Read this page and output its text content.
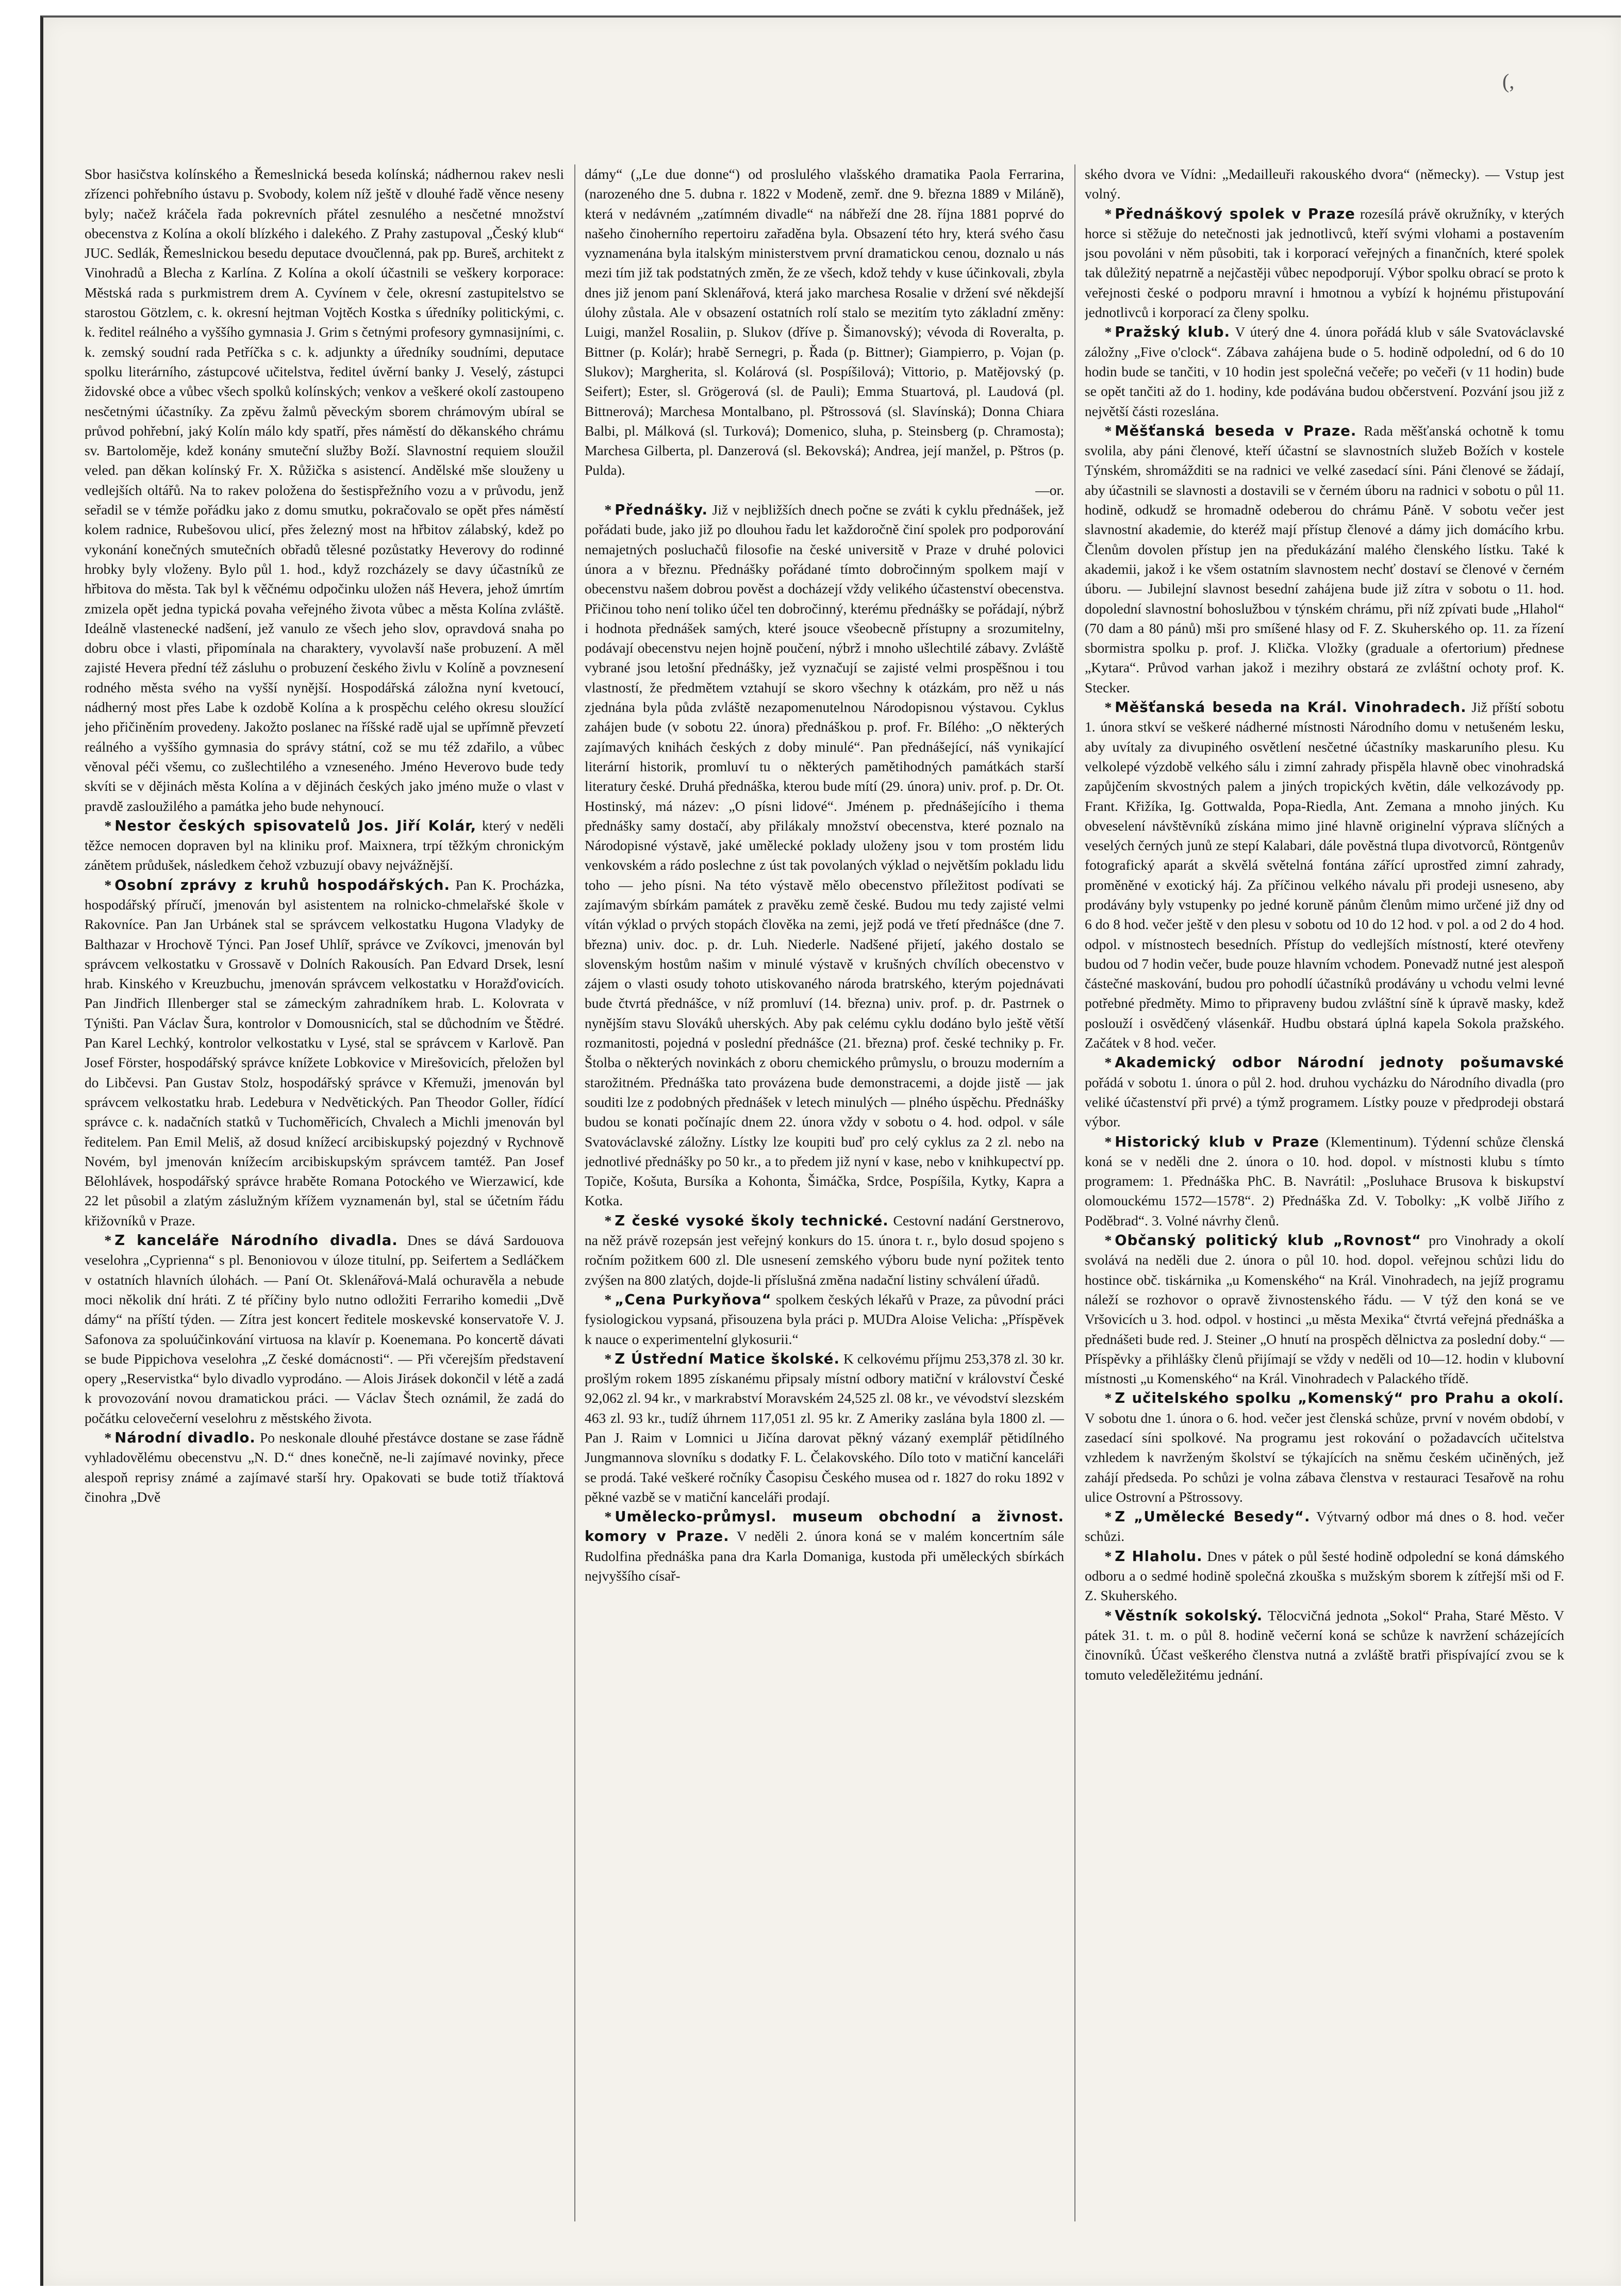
(,

Sbor hasičstva kolínského a Řemeslnická beseda kolínská; nádhernou rakev nesli zřízenci pohřebního ústavu p. Svobody, kolem níž ještě v dlouhé řadě věnce neseny byly; načež kráčela řada pokrevních přátel zesnulého a nesčetné množství obecenstva z Kolína a okolí blízkého i dalekého. Z Prahy zastupoval „Český klub“ JUC. Sedlák, Řemeslnickou besedu deputace dvoučlenná, pak pp. Bureš, architekt z Vinohradů a Blecha z Karlína. Z Kolína a okolí účastnili se veškery korporace: Městská rada s purkmistrem drem A. Cyvínem v čele, okresní zastupitelstvo se starostou Götzlem, c. k. okresní hejtman Vojtěch Kostka s úředníky politickými, c. k. ředitel reálného a vyššího gymnasia J. Grim s četnými profesory gymnasijními, c. k. zemský soudní rada Petříčka s c. k. adjunkty a úředníky soudními, deputace spolku literárního, zástupcové učitelstva, ředitel úvěrní banky J. Veselý, zástupci židovské obce a vůbec všech spolků kolínských; venkov a veškeré okolí zastoupeno nesčetnými účastníky. Za zpěvu žalmů pěveckým sborem chrámovým ubíral se průvod pohřební, jaký Kolín málo kdy spatří, přes náměstí do děkanského chrámu sv. Bartoloměje, kdež konány smuteční služby Boží. Slavnostní requiem sloužil veled. pan děkan kolínský Fr. X. Růžička s asistencí. Andělské mše slouženy u vedlejších oltářů. Na to rakev položena do šestispřežního vozu a v průvodu, jenž seřadil se v témže pořádku jako z domu smutku, pokračovalo se opět přes náměstí kolem radnice, Rubešovou ulicí, přes železný most na hřbitov zálabský, kdež po vykonání konečných smutečních obřadů tělesné pozůstatky Heverovy do rodinné hrobky byly vloženy. Bylo půl 1. hod., když rozcházely se davy účastníků ze hřbitova do města. Tak byl k věčnému odpočinku uložen náš Hevera, jehož úmrtím zmizela opět jedna typická povaha veřejného života vůbec a města Kolína zvláště. Ideálně vlastenecké nadšení, jež vanulo ze všech jeho slov, opravdová snaha po dobru obce i vlasti, připomínala na charaktery, vyvolavší naše probuzení. A měl zajisté Hevera přední též zásluhu o probuzení českého živlu v Kolíně a povznesení rodného města svého na vyšší nynější. Hospodářská záložna nyní kvetoucí, nádherný most přes Labe k ozdobě Kolína a k prospěchu celého okresu sloužící jeho přičiněním provedeny. Jakožto poslanec na říšské radě ujal se upřímně převzetí reálného a vyššího gymnasia do správy státní, což se mu též zdařilo, a vůbec věnoval péči všemu, co zušlechtilého a vzneseného. Jméno Heverovo bude tedy skvíti se v dějinách města Kolína a v dějinách českých jako jméno muže o vlast v pravdě zasloužilého a památka jeho bude nehynoucí.

* Nestor českých spisovatelů Jos. Jiří Kolár, který v neděli těžce nemocen dopraven byl na kliniku prof. Maixnera, trpí těžkým chronickým zánětem průdušek, následkem čehož vzbuzují obavy nejvážnější.

* Osobní zprávy z kruhů hospodářských. Pan K. Procházka, hospodářský příručí, jmenován byl asistentem na rolnicko-chmelařské škole v Rakovníce. Pan Jan Urbánek stal se správcem velkostatku Hugona Vladyky de Balthazar v Hrochově Týnci. Pan Josef Uhlíř, správce ve Zvíkovci, jmenován byl správcem velkostatku v Grossavě v Dolních Rakousích. Pan Edvard Drsek, lesní hrab. Kinského v Kreuzbuchu, jmenován správcem velkostatku v Horažďovicích. Pan Jindřich Illenberger stal se zámeckým zahradníkem hrab. L. Kolovrata v Týništi. Pan Václav Šura, kontrolor v Domousnicích, stal se důchodním ve Štědré. Pan Karel Lechký, kontrolor velkostatku v Lysé, stal se správcem v Karlově. Pan Josef Förster, hospodářský správce knížete Lobkovice v Mirešovicích, přeložen byl do Libčevsi. Pan Gustav Stolz, hospodářský správce v Křemuži, jmenován byl správcem velkostatku hrab. Ledebura v Nedvětických. Pan Theodor Goller, řídící správce c. k. nadačních statků v Tuchoměřicích, Chvalech a Michli jmenován byl ředitelem. Pan Emil Meliš, až dosud knížecí arcibiskupský pojezdný v Rychnově Novém, byl jmenován knížecím arcibiskupským správcem tamtéž. Pan Josef Bělohlávek, hospodářský správce hraběte Romana Potockého ve Wierzawicí, kde 22 let působil a zlatým záslužným křížem vyznamenán byl, stal se účetním řádu křižovníků v Praze.

* Z kanceláře Národního divadla. Dnes se dává Sardouova veselohra „Cyprienna“ s pl. Benoniovou v úloze titulní, pp. Seifertem a Sedláčkem v ostatních hlavních úlohách. — Paní Ot. Sklenářová-Malá ochuravěla a nebude moci několik dní hráti. Z té příčiny bylo nutno odložiti Ferrariho komedii „Dvě dámy“ na příští týden. — Zítra jest koncert ředitele moskevské konservatoře V. J. Safonova za spoluúčinkování virtuosa na klavír p. Koenemana. Po koncertě dávati se bude Pippichova veselohra „Z české domácnosti“. — Při včerejším představení opery „Reservistka“ bylo divadlo vyprodáno. — Alois Jirásek dokončil v létě a zadá k provozování novou dramatickou práci. — Václav Štech oznámil, že zadá do počátku celovečerní veselohru z městského života.

* Národní divadlo. Po neskonale dlouhé přestávce dostane se zase řádně vyhladovělému obecenstvu „N. D.“ dnes konečně, ne-li zajímavé novinky, přece alespoň reprisy známé a zajímavé starší hry. Opakovati se bude totiž tříaktová činohra „Dvě

dámy“ („Le due donne“) od proslulého vlašského dramatika Paola Ferrarina, (narozeného dne 5. dubna r. 1822 v Modeně, zemř. dne 9. března 1889 v Miláně), která v nedávném „zatímném divadle“ na nábřeží dne 28. října 1881 poprvé do našeho činoherního repertoiru zařaděna byla. Obsazení této hry, která svého času vyznamenána byla italským ministerstvem první dramatickou cenou, doznalo u nás mezi tím již tak podstatných změn, že ze všech, kdož tehdy v kuse účinkovali, zbyla dnes již jenom paní Sklenářová, která jako marchesa Rosalie v držení své někdejší úlohy zůstala. Ale v obsazení ostatních rolí stalo se mezitím tyto základní změny: Luigi, manžel Rosaliin, p. Slukov (dříve p. Šimanovský); vévoda di Roveralta, p. Bittner (p. Kolár); hrabě Sernegri, p. Řada (p. Bittner); Giampierro, p. Vojan (p. Slukov); Margherita, sl. Kolárová (sl. Pospíšilová); Vittorio, p. Matějovský (p. Seifert); Ester, sl. Grögerová (sl. de Pauli); Emma Stuartová, pl. Laudová (pl. Bittnerová); Marchesa Montalbano, pl. Pštrossová (sl. Slavínská); Donna Chiara Balbi, pl. Málková (sl. Turková); Domenico, sluha, p. Steinsberg (p. Chramosta); Marchesa Gilberta, pl. Danzerová (sl. Bekovská); Andrea, její manžel, p. Pštros (p. Pulda).

—or.

* Přednášky. Již v nejbližších dnech počne se zváti k cyklu přednášek, jež pořádati bude, jako již po dlouhou řadu let každoročně činí spolek pro podporování nemajetných posluchačů filosofie na české universitě v Praze v druhé polovici února a v březnu. Přednášky pořádané tímto dobročinným spolkem mají v obecenstvu našem dobrou pověst a docházejí vždy velikého účastenství obecenstva. Přičinou toho není toliko účel ten dobročinný, kterému přednášky se pořádají, nýbrž i hodnota přednášek samých, které jsouce všeobecně přístupny a srozumitelny, podávají obecenstvu nejen hojně poučení, nýbrž i mnoho ušlechtilé zábavy. Zvláště vybrané jsou letošní přednášky, jež vyznačují se zajisté velmi prospěšnou i tou vlastností, že předmětem vztahují se skoro všechny k otázkám, pro něž u nás zjednána byla půda zvláště nezapomenutelnou Národopisnou výstavou. Cyklus zahájen bude (v sobotu 22. února) přednáškou p. prof. Fr. Bílého: „O některých zajímavých knihách českých z doby minulé“. Pan přednášející, náš vynikající literární historik, promluví tu o některých pamětihodných památkách starší literatury české. Druhá přednáška, kterou bude mítí (29. února) univ. prof. p. Dr. Ot. Hostinský, má název: „O písni lidové“. Jménem p. přednášejícího i thema přednášky samy dostačí, aby přilákaly množství obecenstva, které poznalo na Národopisné výstavě, jaké umělecké poklady uloženy jsou v tom prostém lidu venkovském a rádo poslechne z úst tak povolaných výklad o největším pokladu lidu toho — jeho písni. Na této výstavě mělo obecenstvo příležitost podívati se zajímavým sbírkám památek z pravěku země české. Budou mu tedy zajisté velmi vítán výklad o prvých stopách člověka na zemi, jejž podá ve třetí přednášce (dne 7. března) univ. doc. p. dr. Luh. Niederle. Nadšené přijetí, jakého dostalo se slovenským hostům našim v minulé výstavě v krušných chvílích obecenstvo v zájem o vlasti osudy tohoto utiskovaného národa bratrského, kterým pojednávati bude čtvrtá přednášce, v níž promluví (14. března) univ. prof. p. dr. Pastrnek o nynějším stavu Slováků uherských. Aby pak celému cyklu dodáno bylo ještě větší rozmanitosti, pojedná v poslední přednášce (21. března) prof. české techniky p. Fr. Štolba o některých novinkách z oboru chemického průmyslu, o brouzu moderním a starožitném. Přednáška tato provázena bude demonstracemi, a dojde jistě — jak souditi lze z podobných přednášek v letech minulých — plného úspěchu. Přednášky budou se konati počínajíc dnem 22. února vždy v sobotu o 4. hod. odpol. v sále Svatováclavské záložny. Lístky lze koupiti buď pro celý cyklus za 2 zl. nebo na jednotlivé přednášky po 50 kr., a to předem již nyní v kase, nebo v knihkupectví pp. Topiče, Košuta, Bursíka a Kohonta, Šimáčka, Srdce, Pospíšila, Kytky, Kapra a Kotka.

* Z české vysoké školy technické. Cestovní nadání Gerstnerovo, na něž právě rozepsán jest veřejný konkurs do 15. února t. r., bylo dosud spojeno s ročním požitkem 600 zl. Dle usnesení zemského výboru bude nyní požitek tento zvýšen na 800 zlatých, dojde-li příslušná změna nadační listiny schválení úřadů.

* „Cena Purkyňova“ spolkem českých lékařů v Praze, za původní práci fysiologickou vypsaná, přisouzena byla práci p. MUDra Aloise Velicha: „Příspěvek k nauce o experimentelní glykosurii.“

* Z Ústřední Matice školské. K celkovému příjmu 253,378 zl. 30 kr. prošlým rokem 1895 získanému připsaly místní odbory matiční v království České 92,062 zl. 94 kr., v markrabství Moravském 24,525 zl. 08 kr., ve vévodství slezském 463 zl. 93 kr., tudíž úhrnem 117,051 zl. 95 kr. Z Ameriky zaslána byla 1800 zl. — Pan J. Raim v Lomnici u Jičína darovat pěkný vázaný exemplář pětidílného Jungmannova slovníku s dodatky F. L. Čelakovského. Dílo toto v matiční kanceláři se prodá. Také veškeré ročníky Časopisu Českého musea od r. 1827 do roku 1892 v pěkné vazbě se v matiční kanceláři prodají.

* Umělecko-průmysl. museum obchodní a živnost. komory v Praze. V neděli 2. února koná se v malém koncertním sále Rudolfina přednáška pana dra Karla Domanigа, kustoda při uměleckých sbírkách nejvyššího císař-

ského dvora ve Vídni: „Medailleuři rakouského dvora“ (německy). — Vstup jest volný.

* Přednáškový spolek v Praze rozesílá právě okružníky, v kterých horce si stěžuje do netečnosti jak jednotlivců, kteří svými vlohami a postavením jsou povoláni v něm působiti, tak i korporací veřejných a finančních, které spolek tak důležitý nepatrně a nejčastěji vůbec nepodporují. Výbor spolku obrací se proto k veřejnosti české o podporu mravní i hmotnou a vybízí k hojnému přistupování jednotlivců i korporací za členy spolku.

* Pražský klub. V úterý dne 4. února pořádá klub v sále Svatováclavské záložny „Five o'clock“. Zábava zahájena bude o 5. hodině odpolední, od 6 do 10 hodin bude se tančiti, v 10 hodin jest společná večeře; po večeři (v 11 hodin) bude se opět tančiti až do 1. hodiny, kde podávána budou občerstvení. Pozvání jsou již z největší části rozeslána.

* Měšťanská beseda v Praze. Rada měšťanská ochotně k tomu svolila, aby páni členové, kteří účastní se slavnostních služeb Božích v kostele Týnském, shromážditi se na radnici ve velké zasedací síni. Páni členové se žádají, aby účastnili se slavnosti a dostavili se v černém úboru na radnici v sobotu o půl 11. hodině, odkudž se hromadně odeberou do chrámu Páně. V sobotu večer jest slavnostní akademie, do kteréž mají přístup členové a dámy jich domácího krbu. Členům dovolen přístup jen na předukázání malého členského lístku. Také k akademii, jakož i ke všem ostatním slavnostem nechť dostaví se členové v černém úboru. — Jubilejní slavnost besední zahájena bude již zítra v sobotu o 11. hod. dopolední slavnostní bohoslužbou v týnském chrámu, při níž zpívati bude „Hlahol“ (70 dam a 80 pánů) mši pro smíšené hlasy od F. Z. Skuherského op. 11. za řízení sbormistra spolku p. prof. J. Klička. Vložky (graduale a ofertorium) přednese „Kytara“. Průvod varhan jakož i mezihry obstará ze zvláštní ochoty prof. K. Stecker.

* Měšťanská beseda na Král. Vinohradech. Již příští sobotu 1. února stkví se veškeré nádherné místnosti Národního domu v netušeném lesku, aby uvítaly za divupiného osvětlení nesčetné účastníky maskaruního plesu. Ku velkolepé výzdobě velkého sálu i zimní zahrady přispěla hlavně obec vinohradská zapůjčením skvostných palem a jiných tropických květin, dále velkozávody pp. Frant. Křižíka, Ig. Gottwalda, Popa-Riedla, Ant. Zemana a mnoho jiných. Ku obveselení návštěvníků získána mimo jiné hlavně originelní výprava slíčných a veselých černých junů ze stepí Kalabari, dále pověstná tlupa divotvorců, Röntgenův fotografický aparát a skvělá světelná fontána zářící uprostřed zimní zahrady, proměněné v exotický háj. Za příčinou velkého návalu při prodeji usneseno, aby prodávány byly vstupenky po jedné koruně pánům členům mimo určené již dny od 6 do 8 hod. večer ještě v den plesu v sobotu od 10 do 12 hod. v pol. a od 2 do 4 hod. odpol. v místnostech besedních. Přístup do vedlejších místností, které otevřeny budou od 7 hodin večer, bude pouze hlavním vchodem. Ponevadž nutné jest alespoň částečné maskování, budou pro pohodlí účastníků prodávány u vchodu velmi levné potřebné předměty. Mimo to připraveny budou zvláštní síně k úpravě masky, kdež poslouží i osvědčený vlásenkář. Hudbu obstará úplná kapela Sokola pražského. Začátek v 8 hod. večer.

* Akademický odbor Národní jednoty pošumavské pořádá v sobotu 1. února o půl 2. hod. druhou vycházku do Národního divadla (pro veliké účastenství při prvé) a týmž programem. Lístky pouze v předprodeji obstará výbor.

* Historický klub v Praze (Klementinum). Týdenní schůze členská koná se v neděli dne 2. února o 10. hod. dopol. v místnosti klubu s tímto programem: 1. Přednáška PhC. B. Navrátil: „Posluhace Brusova k biskupství olomouckému 1572—1578“. 2) Přednáška Zd. V. Tobolky: „K volbě Jiřího z Poděbrad“. 3. Volné návrhy členů.

* Občanský politický klub „Rovnost“ pro Vinohrady a okolí svolává na neděli due 2. února o půl 10. hod. dopol. veřejnou schůzi lidu do hostince obč. tiskárnika „u Komenského“ na Král. Vinohradech, na jejíž programu náleží se rozhovor o opravě živnostenského řádu. — V týž den koná se ve Vršovicích u 3. hod. odpol. v hostinci „u města Mexika“ čtvrtá veřejná přednáška a přednášeti bude red. J. Steiner „O hnutí na prospěch dělnictva za poslední doby.“ — Příspěvky a přihlášky členů přijímají se vždy v neděli od 10—12. hodin v klubovní místnosti „u Komenského“ na Král. Vinohradech v Palackého třídě.

* Z učitelského spolku „Komenský“ pro Prahu a okolí. V sobotu dne 1. února o 6. hod. večer jest členská schůze, první v novém období, v zasedací síni spolkové. Na programu jest rokování o požadavcích učitelstva vzhledem k navrženým školství se týkajících na sněmu českém učiněných, jež zahájí předseda. Po schůzi je volna zábava členstva v restauraci Tesařově na rohu ulice Ostrovní a Pštrossovy.

* Z „Umělecké Besedy“. Výtvarný odbor má dnes o 8. hod. večer schůzi.

* Z Hlaholu. Dnes v pátek o půl šesté hodině odpolední se koná dámského odboru a o sedmé hodině společná zkouška s mužským sborem k zítřejší mši od F. Z. Skuherského.

* Věstník sokolský. Tělocvičná jednota „Sokol“ Praha, Staré Město. V pátek 31. t. m. o půl 8. hodině večerní koná se schůze k navržení scházejících činovníků. Účast veškerého členstva nutná a zvláště bratři přispívající zvou se k tomuto veleděležitému jednání.
